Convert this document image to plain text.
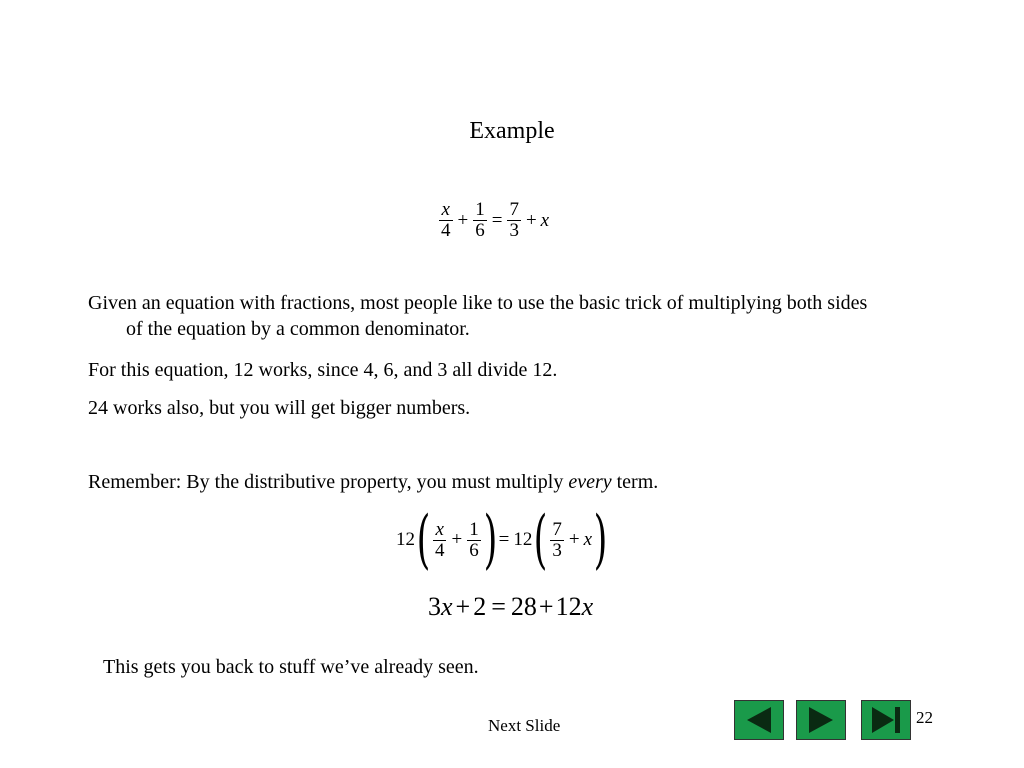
Example
$\frac{x}{4} + \frac{1}{6} = \frac{7}{3} + x$
Given an equation with fractions, most people like to use the basic trick of multiplying both sides of the equation by a common denominator.
For this equation, 12 works, since 4, 6, and 3 all divide 12.
24 works also, but you will get bigger numbers.
Remember: By the distributive property, you must multiply every term.
$12( \frac{x}{4} + \frac{1}{6}$ )= $12( \frac{7}{3} + x)$
3x + 2 = 28+12x
This gets you back to stuff we’ve already seen.
Next Slide	22
